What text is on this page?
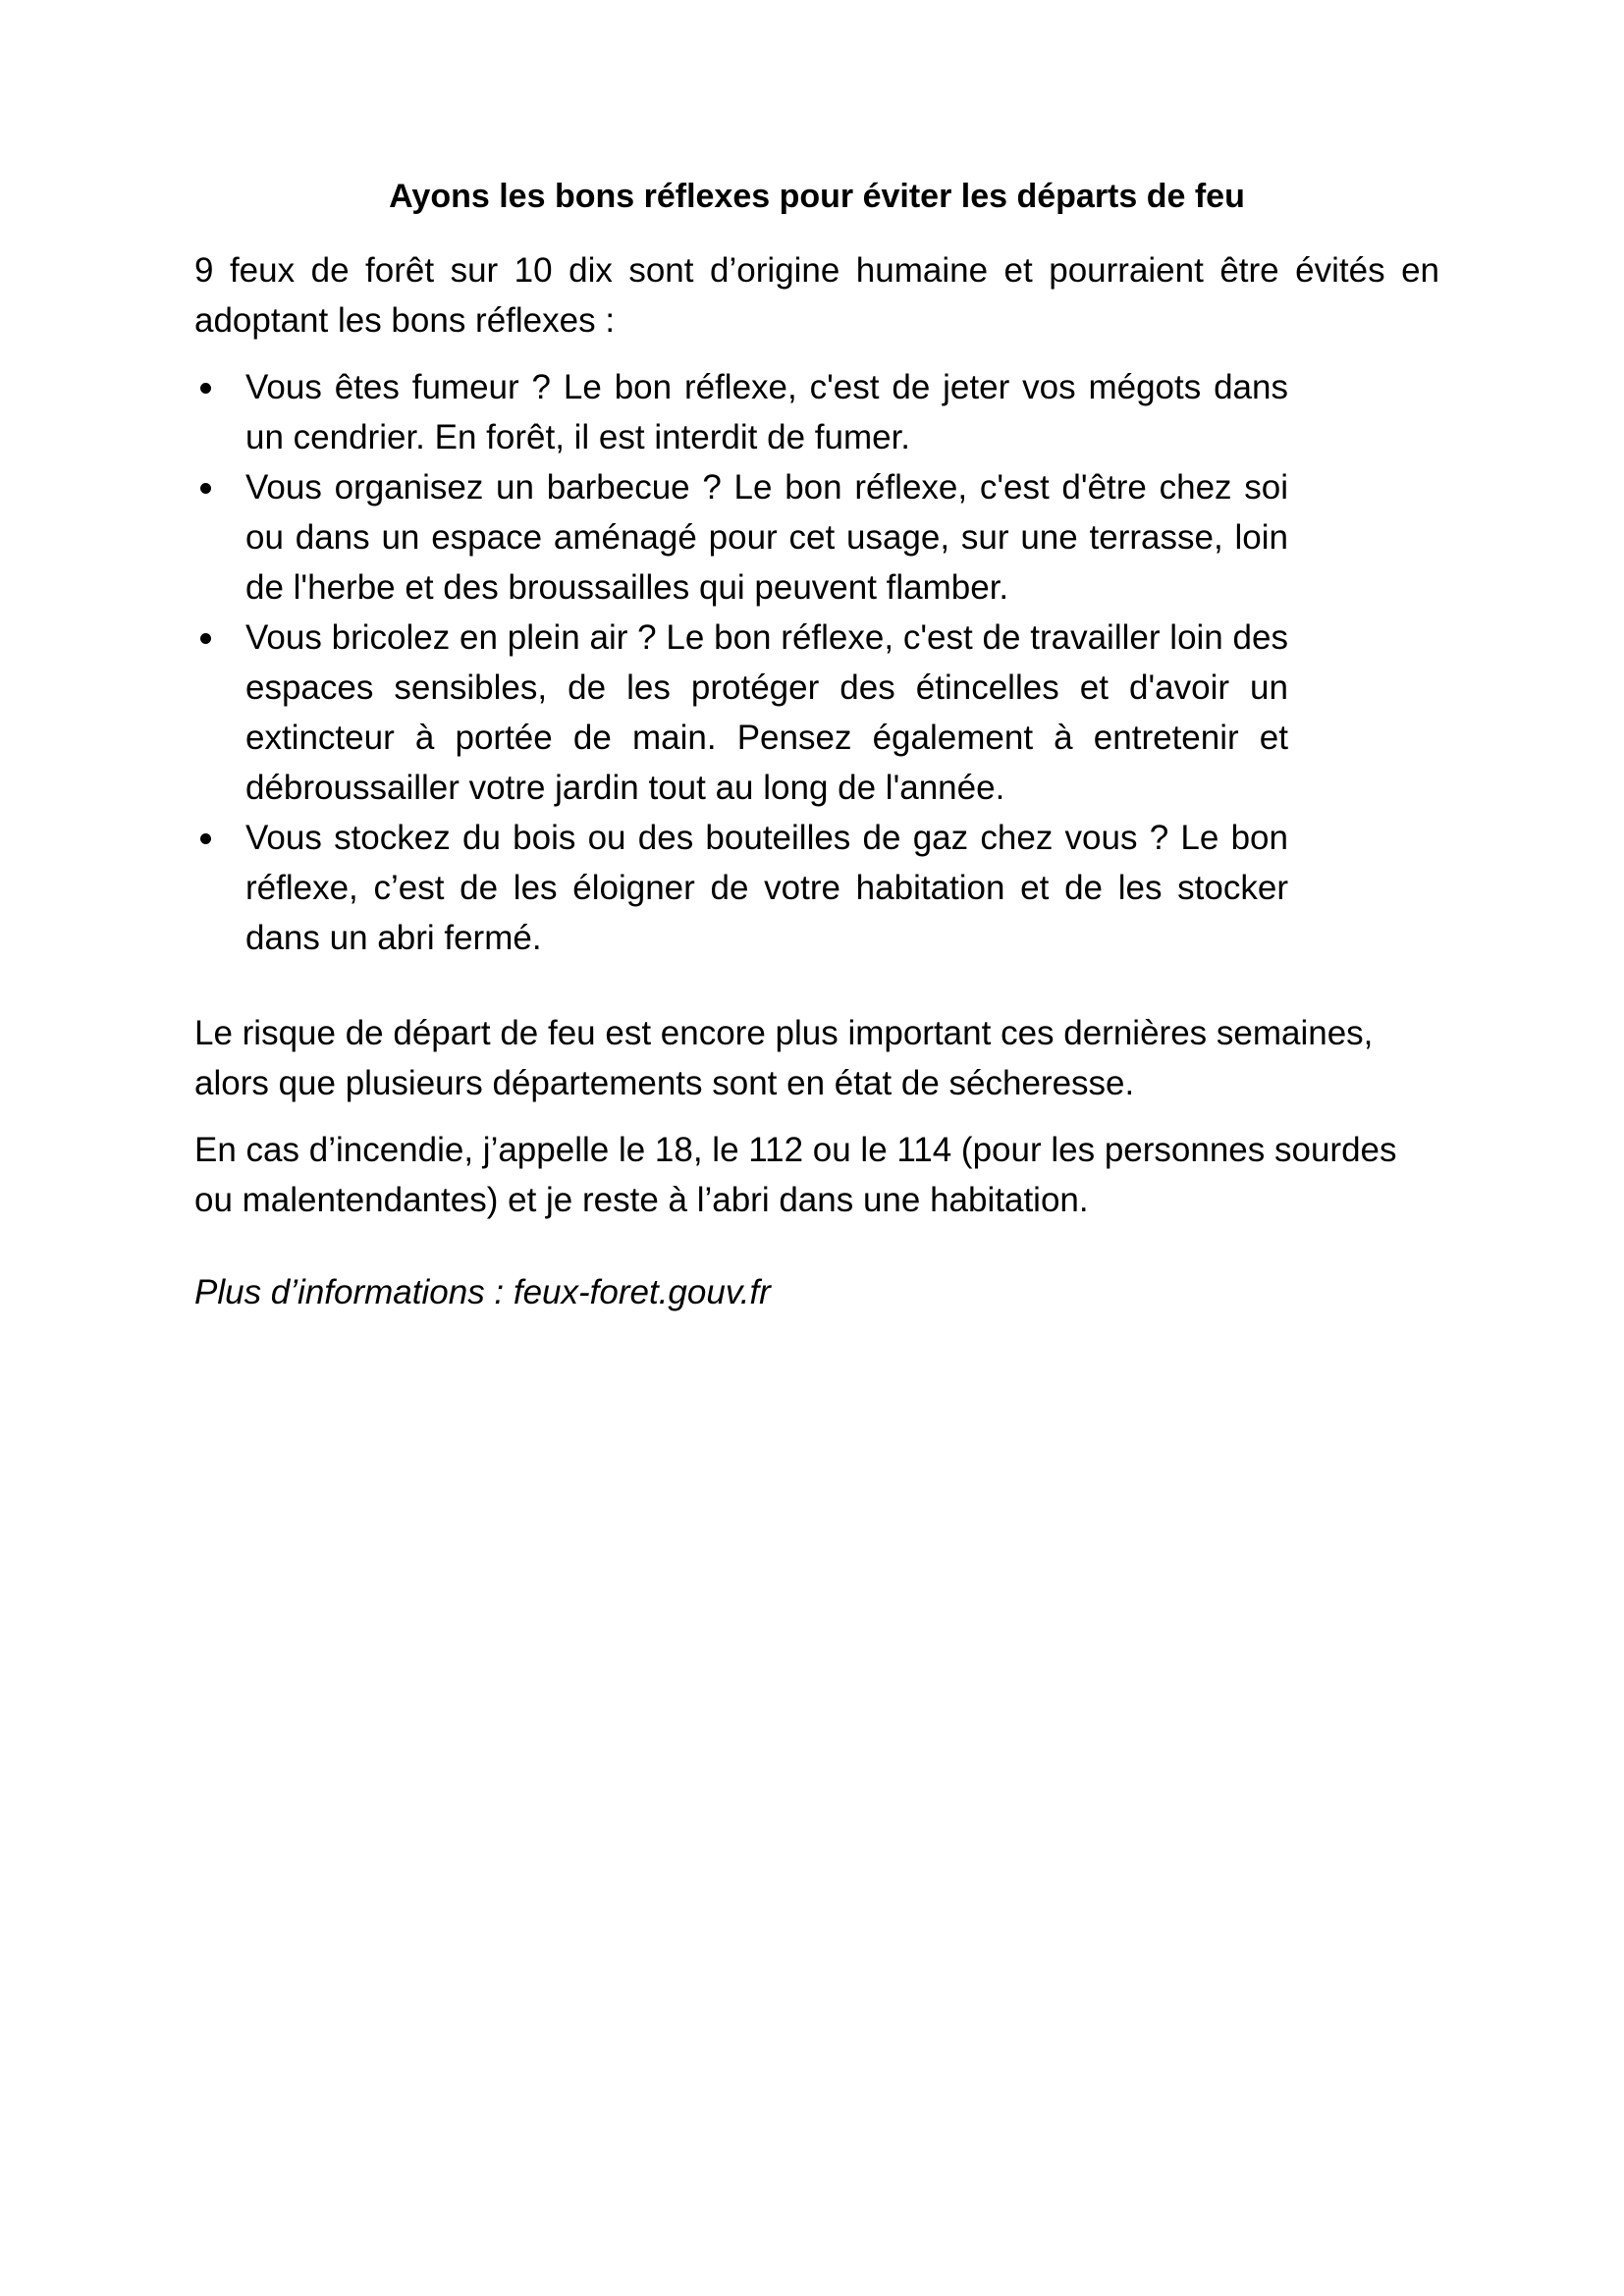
Ayons les bons réflexes pour éviter les départs de feu

9 feux de forêt sur 10 dix sont d’origine humaine et pourraient être évités en adoptant les bons réflexes :

Vous êtes fumeur ? Le bon réflexe, c'est de jeter vos mégots dans un cendrier. En forêt, il est interdit de fumer.
Vous organisez un barbecue ? Le bon réflexe, c'est d'être chez soi ou dans un espace aménagé pour cet usage, sur une terrasse, loin de l'herbe et des broussailles qui peuvent flamber.
Vous bricolez en plein air ? Le bon réflexe, c'est de travailler loin des espaces sensibles, de les protéger des étincelles et d'avoir un extincteur à portée de main. Pensez également à entretenir et débroussailler votre jardin tout au long de l'année.
Vous stockez du bois ou des bouteilles de gaz chez vous ? Le bon réflexe, c’est de les éloigner de votre habitation et de les stocker dans un abri fermé.

Le risque de départ de feu est encore plus important ces dernières semaines, alors que plusieurs départements sont en état de sécheresse.

En cas d’incendie, j’appelle le 18, le 112 ou le 114 (pour les personnes sourdes ou malentendantes) et je reste à l’abri dans une habitation.

Plus d’informations : feux-foret.gouv.fr
